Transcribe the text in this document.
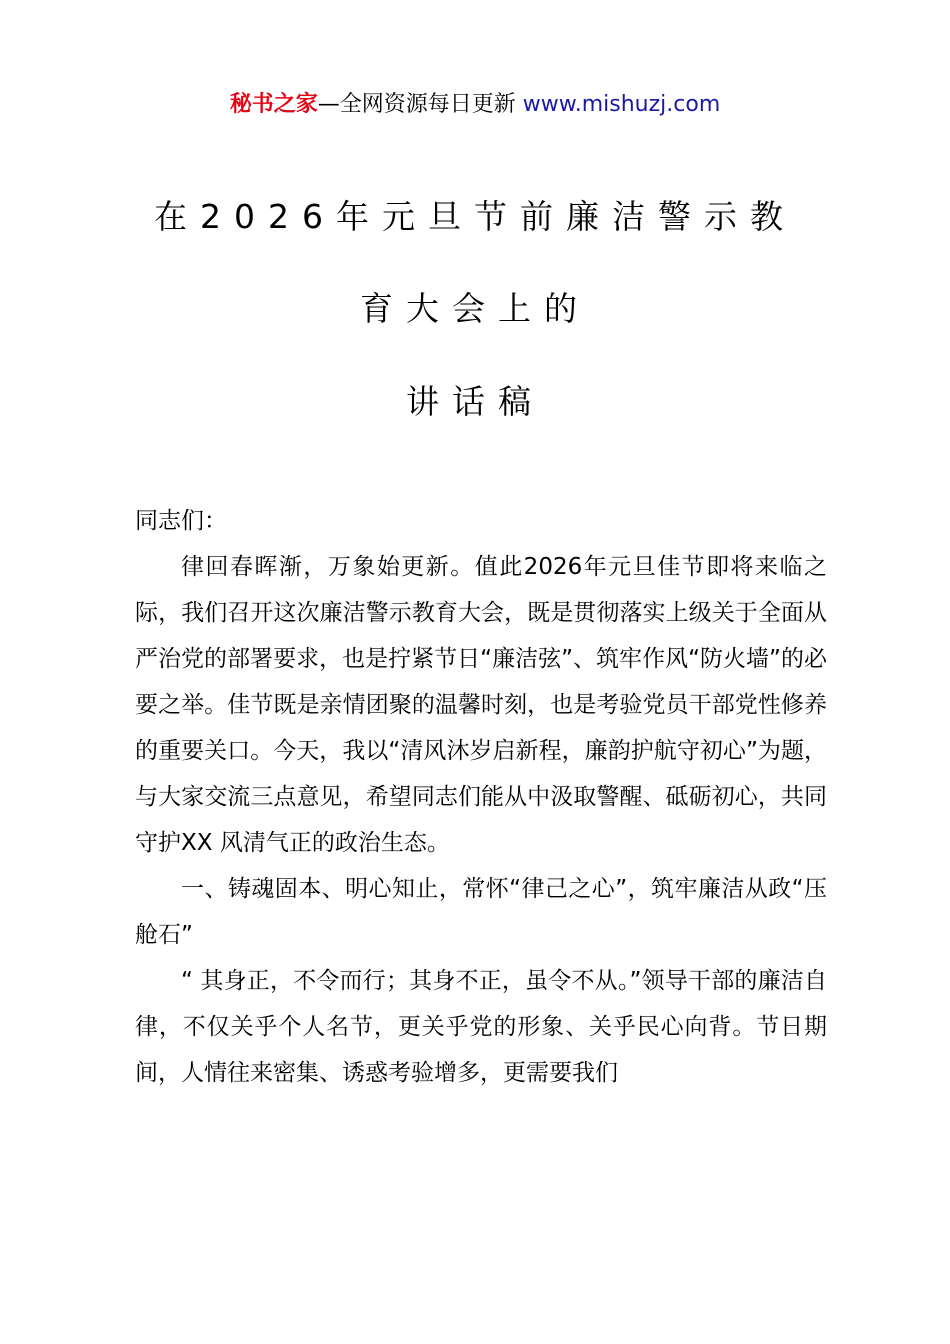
秘书之家—全网资源每日更新 www.mishuzj.com
在2026年元旦节前廉洁警示教
育大会上的
讲话稿

同志们：

律回春晖渐，万象始更新。值此2026年元旦佳节即将来临之际，我们召开这次廉洁警示教育大会，既是贯彻落实上级关于全面从严治党的部署要求，也是拧紧节日“廉洁弦”、筑牢作风“防火墙”的必要之举。佳节既是亲情团聚的温馨时刻，也是考验党员干部党性修养的重要关口。今天，我以“清风沐岁启新程，廉韵护航守初心”为题，与大家交流三点意见，希望同志们能从中汲取警醒、砥砺初心，共同守护XX 风清气正的政治生态。

一、铸魂固本、明心知止，常怀“律己之心”，筑牢廉洁从政“压舱石”

“ 其身正，不令而行；其身不正，虽令不从。”领导干部的廉洁自律，不仅关乎个人名节，更关乎党的形象、关乎民心向背。节日期间，人情往来密集、诱惑考验增多，更需要我们
